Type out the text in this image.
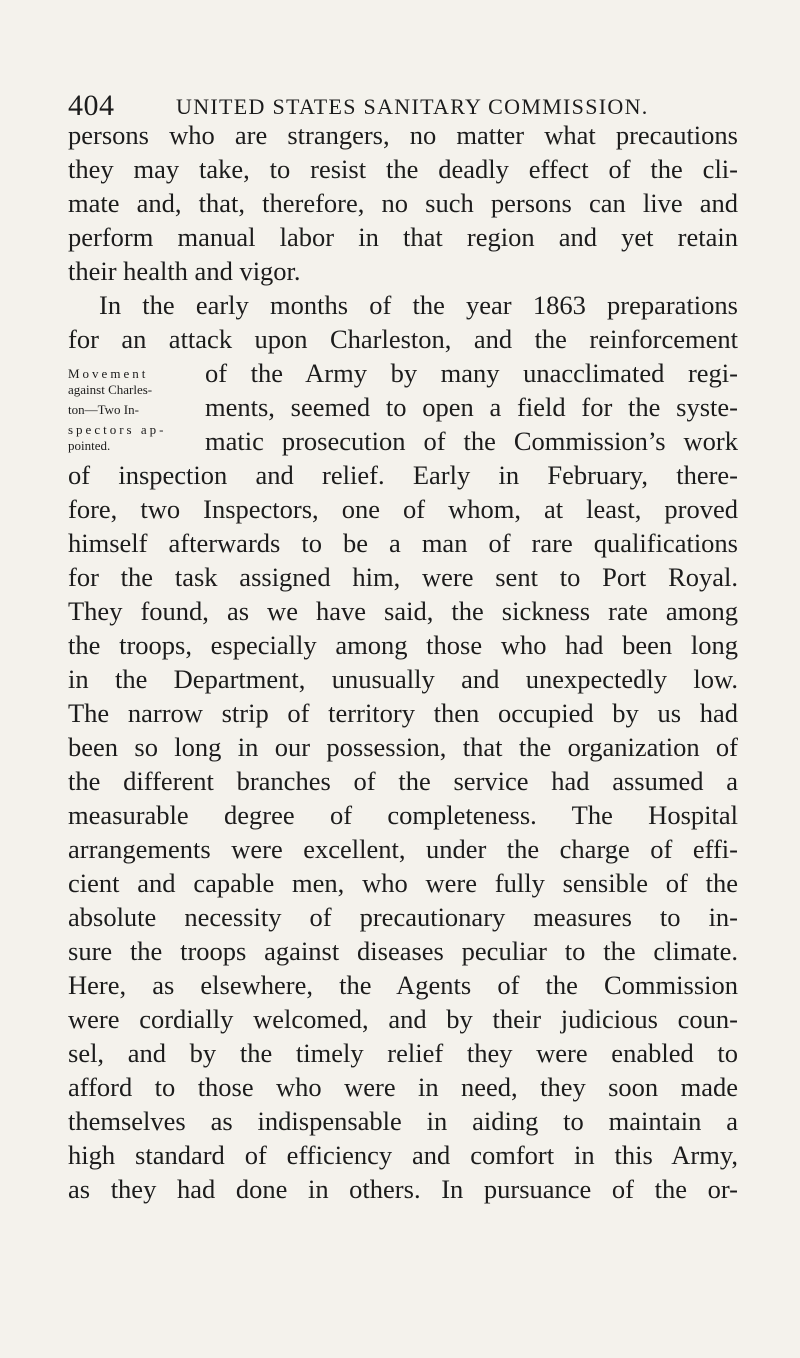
404	UNITED STATES SANITARY COMMISSION.
persons who are strangers, no matter what precautions
they may take, to resist the deadly effect of the cli-
mate and, that, therefore, no such persons can live and
perform manual labor in that region and yet retain
their health and vigor.
In the early months of the year 1863 preparations
for an attack upon Charleston, and the reinforcement
of the Army by many unacclimated regi-
ments, seemed to open a field for the syste-
matic prosecution of the Commission’s work
of inspection and relief. Early in February, there-
fore, two Inspectors, one of whom, at least, proved
himself afterwards to be a man of rare qualifications
for the task assigned him, were sent to Port Royal.
They found, as we have said, the sickness rate among
the troops, especially among those who had been long
in the Department, unusually and unexpectedly low.
The narrow strip of territory then occupied by us had
been so long in our possession, that the organization of
the different branches of the service had assumed a
measurable degree of completeness. The Hospital
arrangements were excellent, under the charge of effi-
cient and capable men, who were fully sensible of the
absolute necessity of precautionary measures to in-
sure the troops against diseases peculiar to the climate.
Here, as elsewhere, the Agents of the Commission
were cordially welcomed, and by their judicious coun-
sel, and by the timely relief they were enabled to
afford to those who were in need, they soon made
themselves as indispensable in aiding to maintain a
high standard of efficiency and comfort in this Army,
as they had done in others. In pursuance of the or-
Movement
against Charles-
ton—Two In-
spectors ap-
pointed.
